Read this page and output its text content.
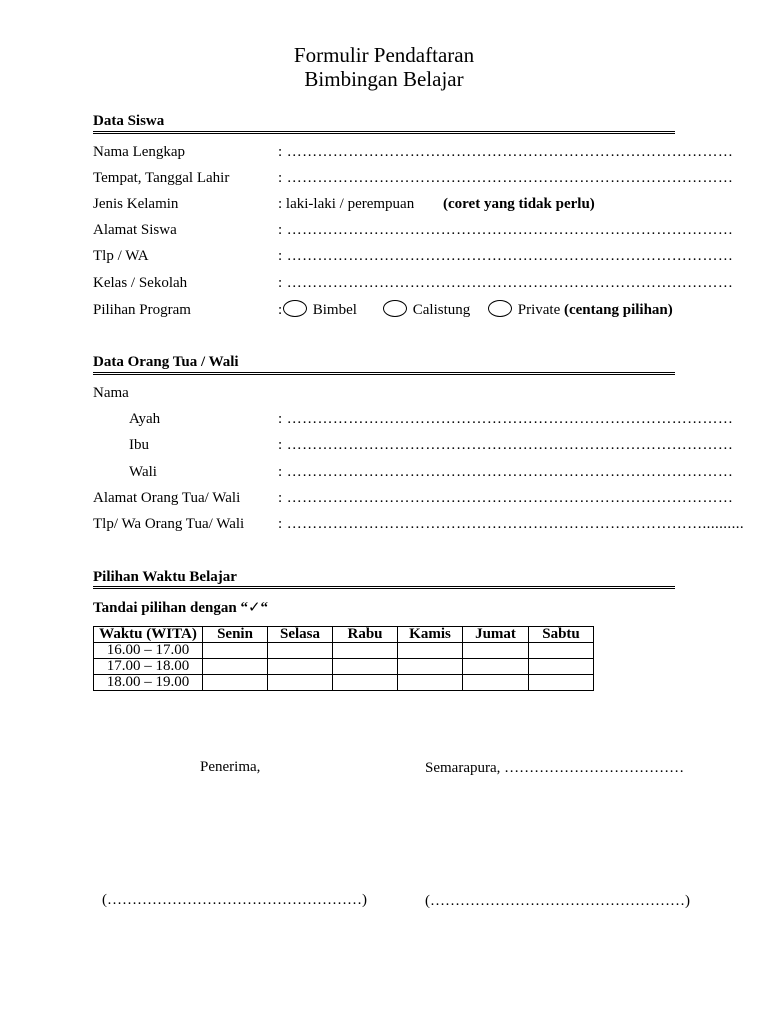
Formulir Pendaftaran
Bimbingan Belajar
Data Siswa
Nama Lengkap	: ……………………………………………………………………………
Tempat, Tanggal Lahir	: ……………………………………………………………………………
Jenis Kelamin	: laki-laki / perempuan (coret yang tidak perlu)
Alamat Siswa	: ……………………………………………………………………………
Tlp / WA	: ……………………………………………………………………………
Kelas / Sekolah	: ……………………………………………………………………………
Pilihan Program	:	Bimbel	Calistung	Private (centang pilihan)
Data Orang Tua / Wali
Nama
Ayah	: ……………………………………………………………………………
Ibu	: ……………………………………………………………………………
Wali	: ……………………………………………………………………………
Alamat Orang Tua/ Wali	: ……………………………………………………………………………
Tlp/ Wa Orang Tua/ Wali : ………………………………………………………………………..........
Pilihan Waktu Belajar
Tandai pilihan dengan “✓“
Waktu (WITA)	Senin	Selasa	Rabu	Kamis	Jumat	Sabtu
16.00 – 17.00						
17.00 – 18.00						
18.00 – 19.00						
Penerima,	Semarapura, ………………………………
(……………………………………………)	(……………………………………………)
